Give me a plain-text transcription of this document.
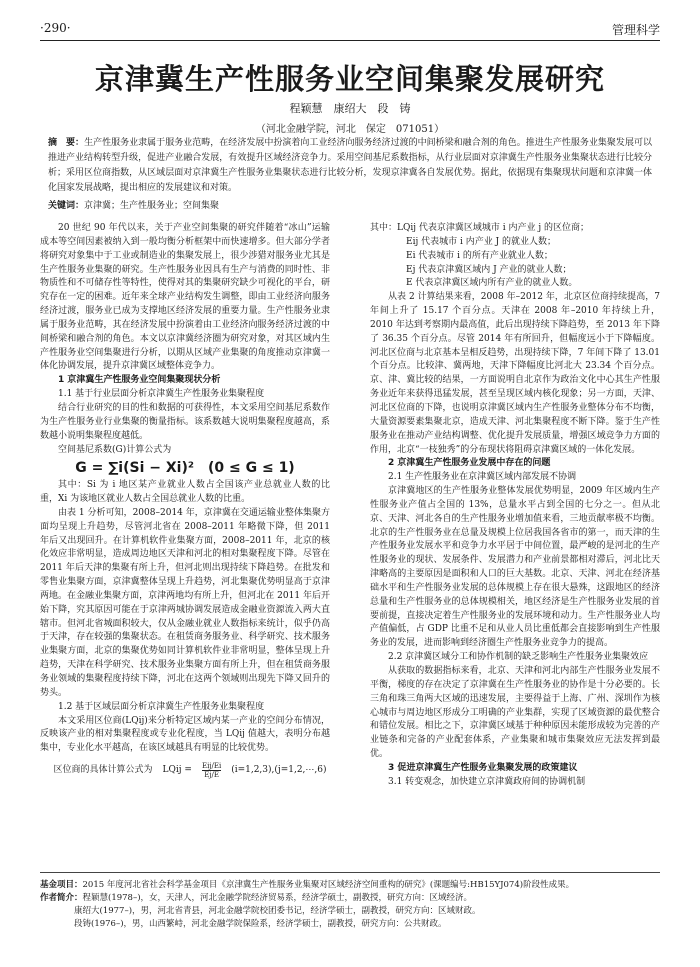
·290·	管理科学
京津冀生产性服务业空间集聚发展研究
程颖慧　康绍大　段　铸
（河北金融学院，河北　保定　071051）
摘　要：生产性服务业隶属于服务业范畴，在经济发展中扮演着向工业经济向服务经济过渡的中间桥梁和融合剂的角色。推进生产性服务业集聚发展可以推进产业结构转型升级，促进产业融合发展，有效提升区域经济竞争力。采用空间基尼系数指标，从行业层面对京津冀生产性服务业集聚状态进行比较分析；采用区位商指数，从区域层面对京津冀生产性服务业集聚状态进行比较分析，发现京津冀各自发展优势。据此，依据现有集聚现状问题和京津冀一体化国家发展战略，提出相应的发展建议和对策。
关键词：京津冀；生产性服务业；空间集聚

20 世纪 90 年代以来，关于产业空间集聚的研究伴随着“冰山”运输成本等空间因素被纳入到一般均衡分析框架中而快速增多。但大部分学者将研究对象集中于工业或制造业的集聚发展上，很少涉猎对服务业尤其是生产性服务业集聚的研究。生产性服务业因具有生产与消费的同时性、非物质性和不可储存性等特性，使得对其的集聚研究缺少可视化的平台，研究存在一定的困难。近年来全球产业结构发生调整，即由工业经济向服务经济过渡，服务业已成为支撑地区经济发展的重要力量。生产性服务业隶属于服务业范畴，其在经济发展中扮演着由工业经济向服务经济过渡的中间桥梁和融合剂的角色。本文以京津冀经济圈为研究对象，对其区域内生产性服务业空间集聚进行分析，以期从区域产业集聚的角度推动京津冀一体化协调发展，提升京津冀区域整体竞争力。

1 京津冀生产性服务业空间集聚现状分析

1.1 基于行业层面分析京津冀生产性服务业集聚程度

结合行业研究的目的性和数据的可获得性，本文采用空间基尼系数作为生产性服务业行业集聚的衡量指标。该系数越大说明集聚程度越高，系数越小说明集聚程度越低。

空间基尼系数(G)计算公式为

G = ∑i(Si − Xi)²　(0 ≤ G ≤ 1)

其中：Si 为 i 地区某产业就业人数占全国该产业总就业人数的比重，Xi 为该地区就业人数占全国总就业人数的比重。

由表 1 分析可知，2008–2014 年，京津冀在交通运输业整体集聚方面均呈现上升趋势，尽管河北省在 2008–2011 年略微下降，但 2011 年后又出现回升。在计算机软件业集聚方面，2008–2011 年，北京的核化效应非常明显，造成周边地区天津和河北的相对集聚程度下降。尽管在 2011 年后天津的集聚有所上升，但河北则出现持续下降趋势。在批发和零售业集聚方面，京津冀整体呈现上升趋势，河北集聚优势明显高于京津两地。在金融业集聚方面，京津两地均有所上升，但河北在 2011 年后开始下降，究其原因可能在于京津两城协调发展造成金融业资源流入两大直辖市。但河北省城面积较大，仅从金融业就业人数指标来统计，似乎仍高于天津，存在较强的集聚状态。在租赁商务服务业、科学研究、技术服务业集聚方面，北京的集聚优势如同计算机软件业非常明显，整体呈现上升趋势，天津在科学研究、技术服务业集聚方面有所上升，但在租赁商务服务业领域的集聚程度持续下降，河北在这两个领域则出现先下降又回升的势头。

1.2 基于区域层面分析京津冀生产性服务业集聚程度

本文采用区位商(LQij)来分析特定区域内某一产业的空间分布情况，反映该产业的相对集聚程度或专业化程度，当 LQij 值越大，表明分布越集中，专业化水平越高，在该区域越具有明显的比较优势。

区位商的具体计算公式为 LQij = $\frac{\text{Eij/Ei}}{Ej/E}$ (i=1,2,3),(j=1,2,⋯,6)

其中：LQij 代表京津冀区域城市 i 内产业 j 的区位商；

Eij 代表城市 i 内产业 J 的就业人数；
Ei 代表城市 i 的所有产业就业人数；
Ej 代表京津冀区域内 J 产业的就业人数；
E 代表京津冀区域内所有产业的就业人数。

从表 2 计算结果来看，2008 年–2012 年，北京区位商持续提高，7 年间上升了 15.17 个百分点。天津在 2008 年–2010 年持续上升，2010 年达到考察期内最高值，此后出现持续下降趋势，至 2013 年下降了 36.35 个百分点。尽管 2014 年有所回升，但幅度远小于下降幅度。河北区位商与北京基本呈相反趋势，出现持续下降，7 年间下降了 13.01 个百分点。比较津、冀两地，天津下降幅度比河北大 23.34 个百分点。京、津、冀比较的结果，一方面说明自北京作为政治文化中心其生产性服务业近年来获得迅猛发展，甚至呈现区域内核化现象；另一方面，天津、河北区位商的下降，也说明京津冀区域内生产性服务业整体分布不均衡，大量资源要素集聚北京，造成天津、河北集聚程度不断下降。鉴于生产性服务业在推动产业结构调整、优化提升发展质量，增强区域竞争力方面的作用，北京“一枝独秀”的分布现状将阻碍京津冀区域的一体化发展。

2 京津冀生产性服务业发展中存在的问题

2.1 生产性服务业在京津冀区域内部发展不协调

京津冀地区的生产性服务业整体发展优势明显，2009 年区域内生产性服务业产值占全国的 13%，总量水平占到全国的七分之一。但从北京、天津、河北各自的生产性服务业增加值来看，三地贡献率极不均衡。北京的生产性服务业在总量及规模上位居我国各省市的第一，而天津的生产性服务业发展水平和竞争力水平居于中间位置，最严峻的是河北的生产性服务业的现状、发展条件、发展潜力和产业前景都相对滞后，河北比天津略高的主要原因是面积和人口的巨大基数。北京、天津、河北在经济基础水平和生产性服务业发展的总体规模上存在很大悬殊，这跟地区的经济总量和生产性服务业的总体规模相关，地区经济是生产性服务业发展的首要前提，直接决定着生产性服务业的发展环境和动力。生产性服务业人均产值偏低，占 GDP 比重不足和从业人员比重低都会直接影响到生产性服务业的发展，进而影响到经济圈生产性服务业竞争力的提高。

2.2 京津冀区域分工和协作机制的缺乏影响生产性服务业集聚效应

从获取的数据指标来看，北京、天津和河北内部生产性服务业发展不平衡，梯度的存在决定了京津冀在生产性服务业的协作是十分必要的。长三角和珠三角两大区域的迅速发展，主要得益于上海、广州、深圳作为核心城市与周边地区形成分工明确的产业集群，实现了区域资源的最优整合和错位发展。相比之下，京津冀区域基于种种原因未能形成较为完善的产业链条和完备的产业配套体系，产业集聚和城市集聚效应无法发挥到最优。

3 促进京津冀生产性服务业集聚发展的政策建议

3.1 转变观念，加快建立京津冀政府间的协调机制

基金项目：2015 年度河北省社会科学基金项目《京津冀生产性服务业集聚对区域经济空间重构的研究》(课题编号:HB15YJ074)阶段性成果。
作者简介：程颖慧(1978–)，女，天津人，河北金融学院经济贸易系，经济学硕士，副教授，研究方向：区域经济。
康绍大(1977–)，男，河北省青县，河北金融学院校团委书记，经济学硕士，副教授，研究方向：区域财政。
段铸(1976–)，男，山西繁峙，河北金融学院保险系，经济学硕士，副教授，研究方向：公共财政。
